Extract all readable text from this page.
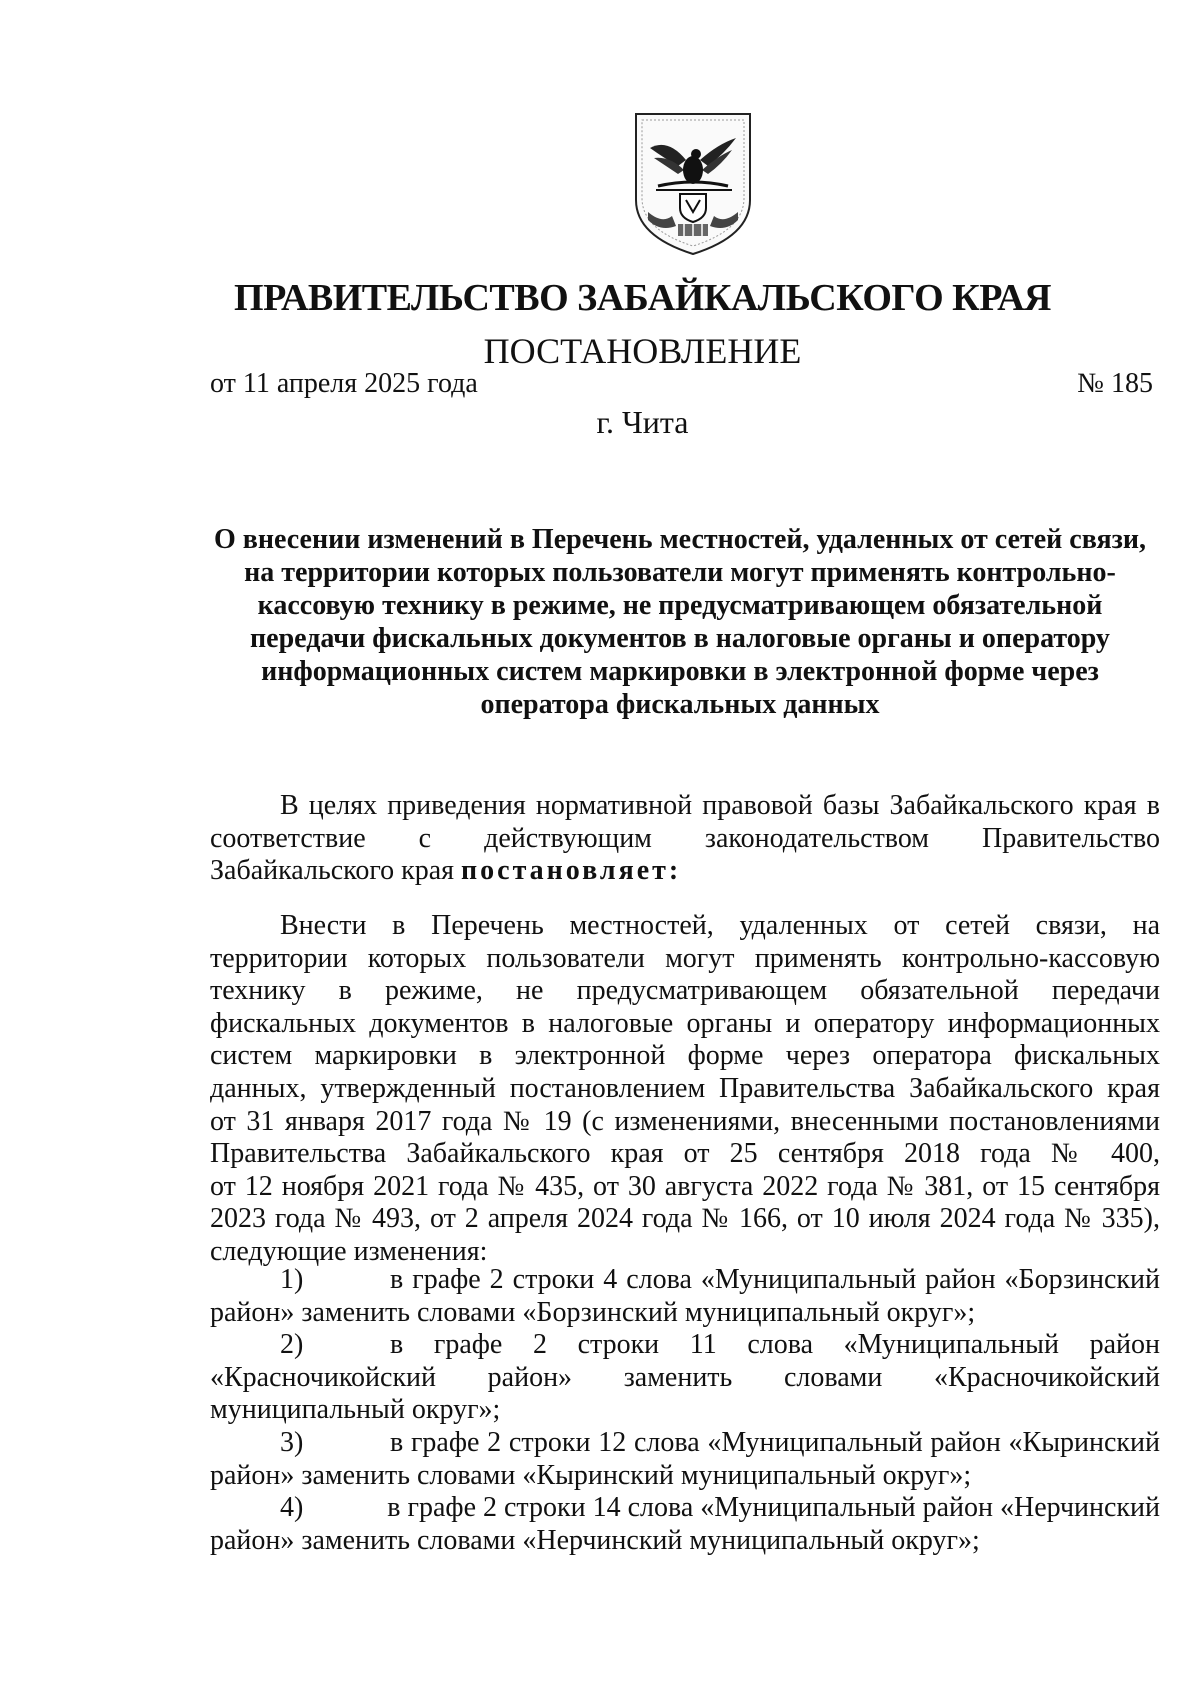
ПРАВИТЕЛЬСТВО ЗАБАЙКАЛЬСКОГО КРАЯ
ПОСТАНОВЛЕНИЕ
от 11 апреля 2025 года	№ 185
г. Чита
О внесении изменений в Перечень местностей, удаленных от сетей связи,
на территории которых пользователи могут применять контрольно-
кассовую технику в режиме, не предусматривающем обязательной
передачи фискальных документов в налоговые органы и оператору
информационных систем маркировки в электронной форме через
оператора фискальных данных
В целях приведения нормативной правовой базы Забайкальского края в
соответствие с действующим законодательством Правительство
Забайкальского края постановляет:
Внести в Перечень местностей, удаленных от сетей связи, на
территории которых пользователи могут применять контрольно-кассовую
технику в режиме, не предусматривающем обязательной передачи
фискальных документов в налоговые органы и оператору информационных
систем маркировки в электронной форме через оператора фискальных
данных, утвержденный постановлением Правительства Забайкальского края
от 31 января 2017 года № 19 (с изменениями, внесенными постановлениями
Правительства Забайкальского края от 25 сентября 2018 года № 400,
от 12 ноября 2021 года № 435, от 30 августа 2022 года № 381, от 15 сентября
2023 года № 493, от 2 апреля 2024 года № 166, от 10 июля 2024 года № 335),
следующие изменения:
1)	в графе 2 строки 4 слова «Муниципальный район «Борзинский
район» заменить словами «Борзинский муниципальный округ»;
2)	в графе 2 строки 11 слова «Муниципальный район
«Красночикойский район» заменить словами «Красночикойский
муниципальный округ»;
3)	в графе 2 строки 12 слова «Муниципальный район «Кыринский
район» заменить словами «Кыринский муниципальный округ»;
4)	в графе 2 строки 14 слова «Муниципальный район «Нерчинский
район» заменить словами «Нерчинский муниципальный округ»;
